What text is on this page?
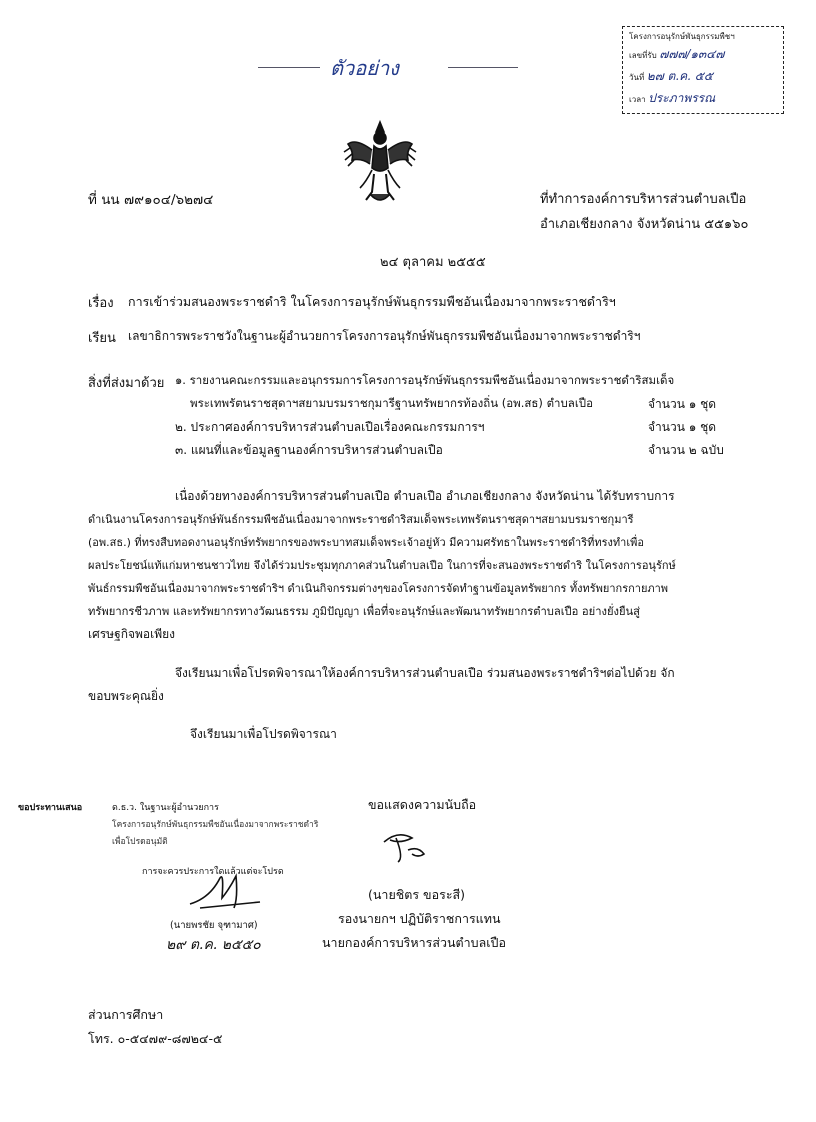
ตัวอย่าง
โครงการอนุรักษ์พันธุกรรมพืชฯ
เลขที่รับ ๗๗๗/๑๓๔๗
วันที่ ๒๗ ต.ค. ๕๕
เวลา ประภาพรรณ
ที่ นน ๗๙๑๐๔/๖๒๗๔	ที่ทำการองค์การบริหารส่วนตำบลเปือ
อำเภอเชียงกลาง จังหวัดน่าน ๕๕๑๖๐
๒๔ ตุลาคม ๒๕๕๕
เรื่อง การเข้าร่วมสนองพระราชดำริ ในโครงการอนุรักษ์พันธุกรรมพืชอันเนื่องมาจากพระราชดำริฯ
เรียน เลขาธิการพระราชวังในฐานะผู้อำนวยการโครงการอนุรักษ์พันธุกรรมพืชอันเนื่องมาจากพระราชดำริฯ
สิ่งที่ส่งมาด้วย ๑. รายงานคณะกรรมและอนุกรรมการโครงการอนุรักษ์พันธุกรรมพืชอันเนื่องมาจากพระราชดำริสมเด็จ
พระเทพรัตนราชสุดาฯสยามบรมราชกุมารีฐานทรัพยากรท้องถิ่น (อพ.สธ) ตำบลเปือ	จำนวน ๑ ชุด
๒. ประกาศองค์การบริหารส่วนตำบลเปือเรื่องคณะกรรมการฯ	จำนวน ๑ ชุด
๓. แผนที่และข้อมูลฐานองค์การบริหารส่วนตำบลเปือ	จำนวน ๒ ฉบับ
เนื่องด้วยทางองค์การบริหารส่วนตำบลเปือ ตำบลเปือ อำเภอเชียงกลาง จังหวัดน่าน ได้รับทราบการ
ดำเนินงานโครงการอนุรักษ์พันธ์กรรมพืชอันเนื่องมาจากพระราชดำริสมเด็จพระเทพรัตนราชสุดาฯสยามบรมราชกุมารี
(อพ.สธ.) ที่ทรงสืบทอดงานอนุรักษ์ทรัพยากรของพระบาทสมเด็จพระเจ้าอยู่หัว มีความศรัทธาในพระราชดำริที่ทรงทำเพื่อ
ผลประโยชน์แท้แก่มหาชนชาวไทย จึงได้ร่วมประชุมทุกภาคส่วนในตำบลเปือ ในการที่จะสนองพระราชดำริ ในโครงการอนุรักษ์
พันธ์กรรมพืชอันเนื่องมาจากพระราชดำริฯ ดำเนินกิจกรรมต่างๆของโครงการจัดทำฐานข้อมูลทรัพยากร ทั้งทรัพยากรกายภาพ
ทรัพยากรชีวภาพ และทรัพยากรทางวัฒนธรรม ภูมิปัญญา เพื่อที่จะอนุรักษ์และพัฒนาทรัพยากรตำบลเปือ อย่างยั่งยืนสู่
เศรษฐกิจพอเพียง
จึงเรียนมาเพื่อโปรดพิจารณาให้องค์การบริหารส่วนตำบลเปือ ร่วมสนองพระราชดำริฯต่อไปด้วย จัก
ขอบพระคุณยิ่ง
จึงเรียนมาเพื่อโปรดพิจารณา
ขอแสดงความนับถือ
(นายชิตร ขอระสี)
รองนายกฯ ปฏิบัติราชการแทน
นายกองค์การบริหารส่วนตำบลเปือ
ขอประทานเสนอ	ด.ธ.ว. ในฐานะผู้อำนวยการ
โครงการอนุรักษ์พันธุกรรมพืชอันเนื่องมาจากพระราชดำริ
เพื่อโปรดอนุมัติ
การจะควรประการใดแล้วแต่จะโปรด
(นายพรชัย จุฑามาศ)
๒๙ ต.ค. ๒๕๕๐
ส่วนการศึกษา
โทร. ๐-๕๔๗๙-๘๗๒๔-๕
